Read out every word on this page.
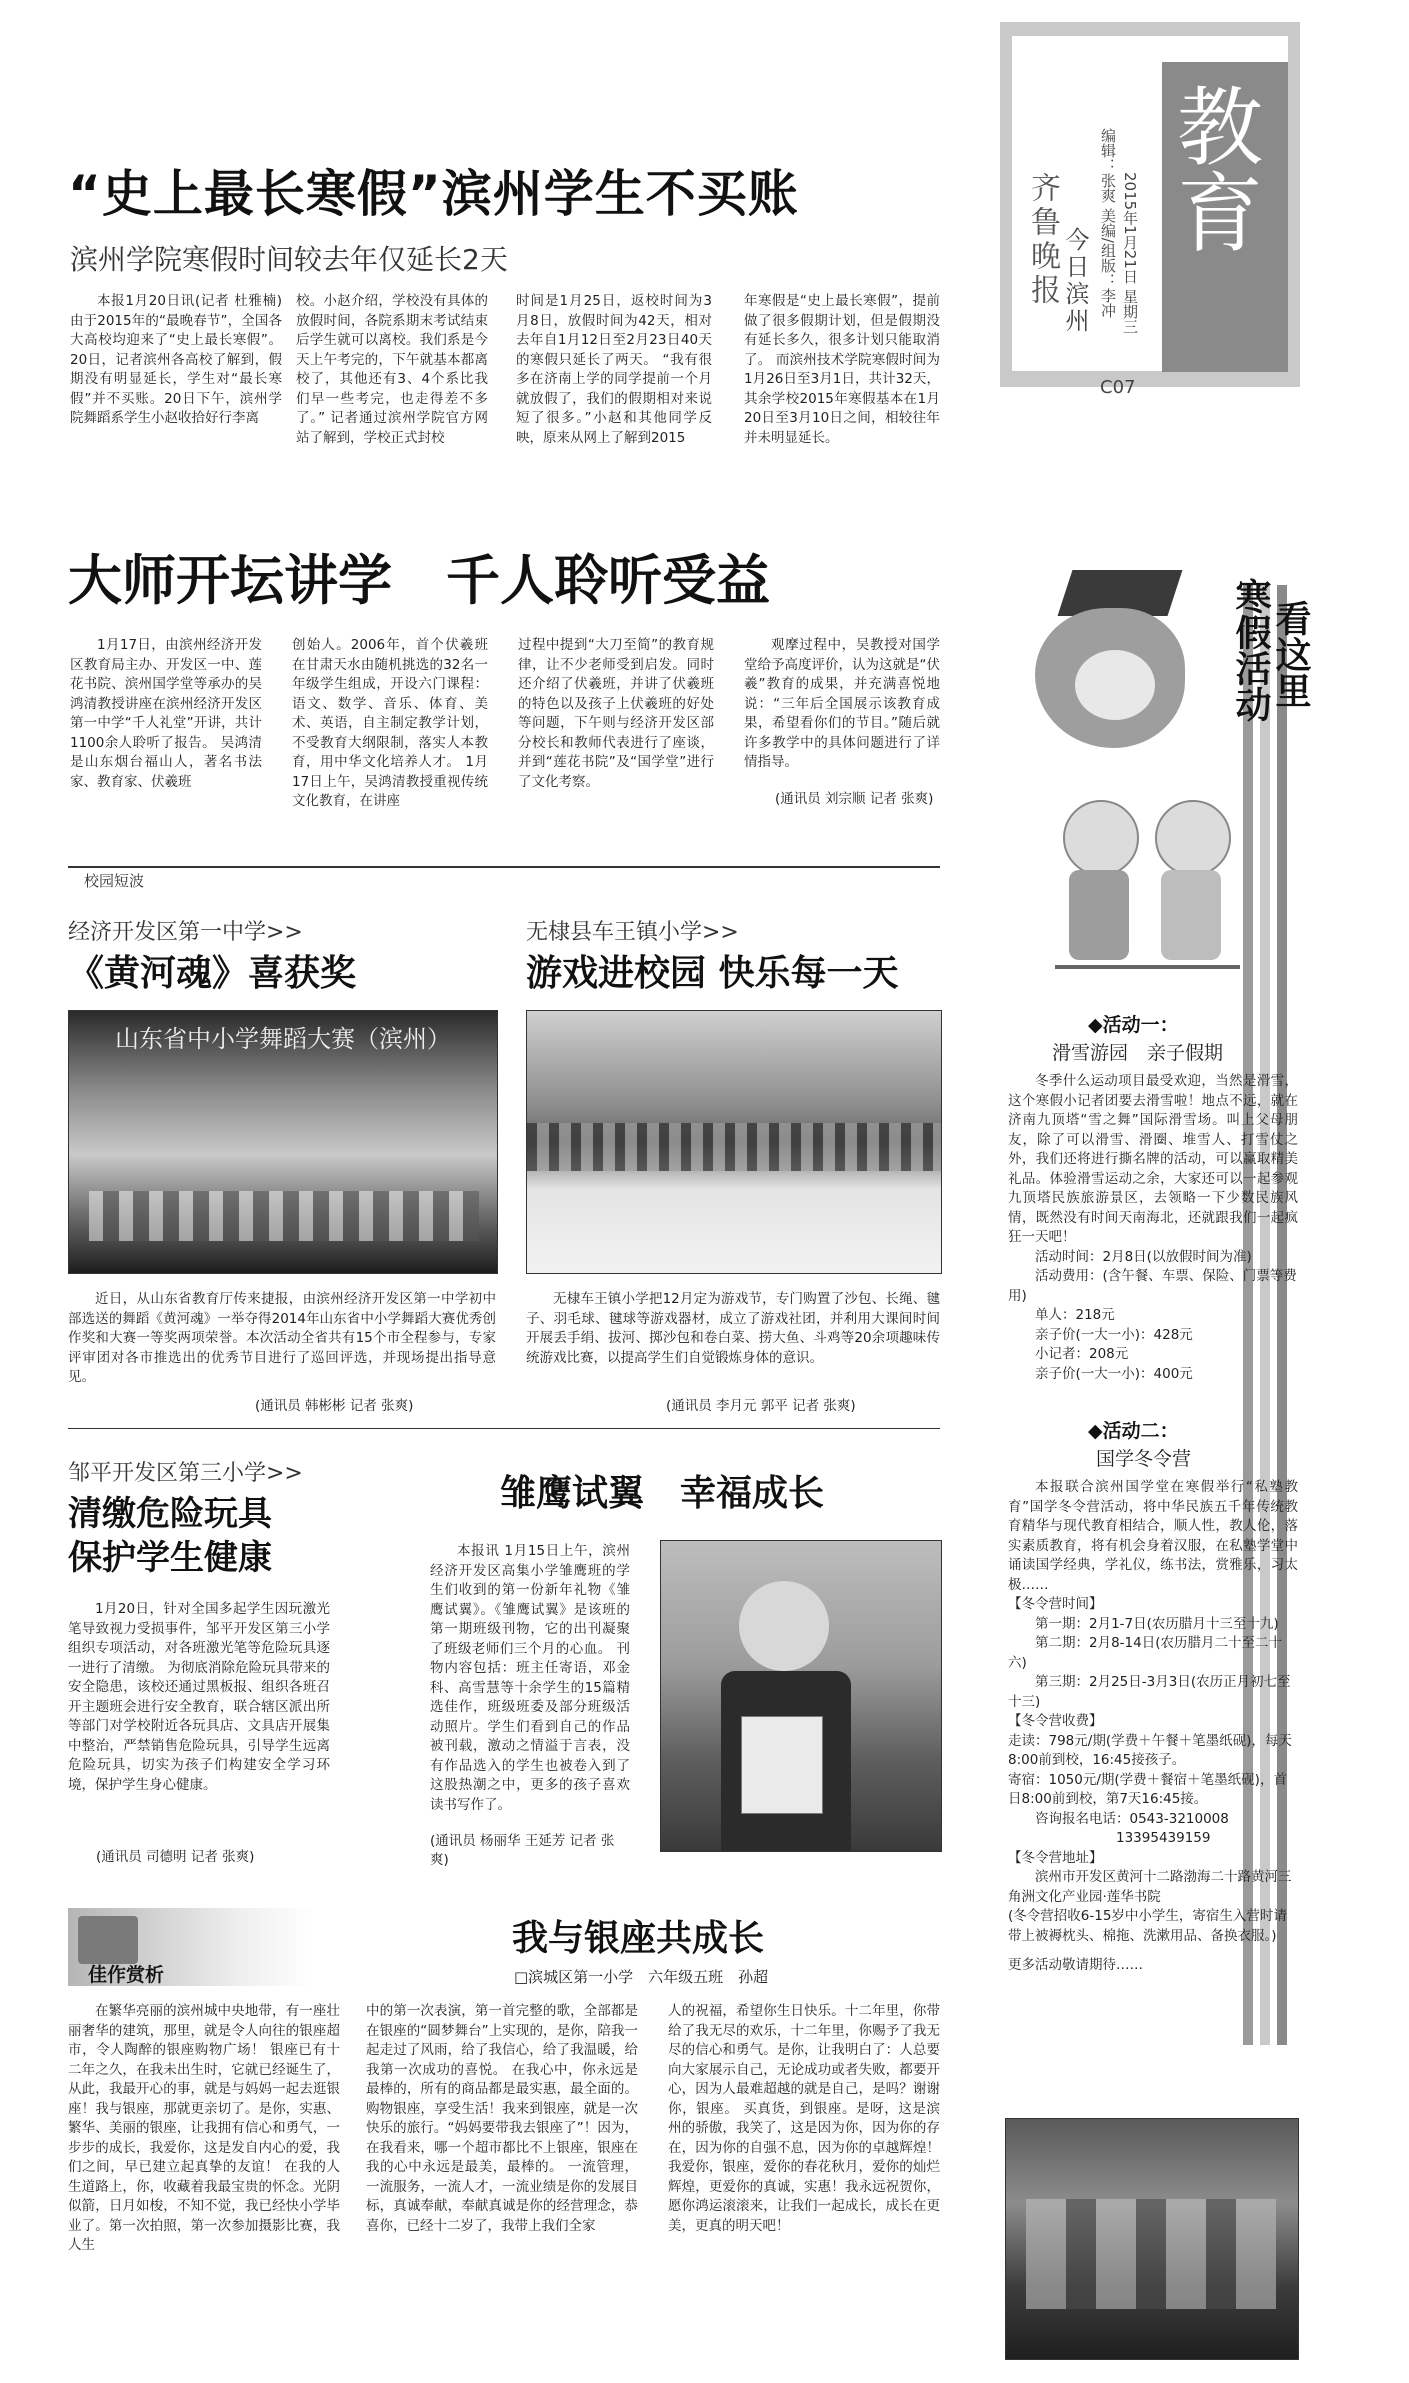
教育
齐鲁晚报 今日滨州 编辑：张爽 美编/组版：李冲 2015年1月21日 星期三
C07
“史上最长寒假”滨州学生不买账
滨州学院寒假时间较去年仅延长2天
本报1月20日讯(记者 杜雅楠) 由于2015年的“最晚春节”，全国各大高校均迎来了“史上最长寒假”。20日，记者滨州各高校了解到，假期没有明显延长，学生对“最长寒假”并不买账。20日下午，滨州学院舞蹈系学生小赵收拾好行李离
校。小赵介绍，学校没有具体的放假时间，各院系期末考试结束后学生就可以离校。我们系是今天上午考完的，下午就基本都离校了，其他还有3、4个系比我们早一些考完，也走得差不多了。” 记者通过滨州学院官方网站了解到，学校正式封校
时间是1月25日，返校时间为3月8日，放假时间为42天，相对去年自1月12日至2月23日40天的寒假只延长了两天。 “我有很多在济南上学的同学提前一个月就放假了，我们的假期相对来说短了很多。”小赵和其他同学反映，原来从网上了解到2015
年寒假是“史上最长寒假”，提前做了很多假期计划，但是假期没有延长多久，很多计划只能取消了。 而滨州技术学院寒假时间为1月26日至3月1日，共计32天，其余学校2015年寒假基本在1月20日至3月10日之间，相较往年并未明显延长。
大师开坛讲学　千人聆听受益
1月17日，由滨州经济开发区教育局主办、开发区一中、莲花书院、滨州国学堂等承办的吴鸿清教授讲座在滨州经济开发区第一中学“千人礼堂”开讲，共计1100余人聆听了报告。 吴鸿清是山东烟台福山人，著名书法家、教育家、伏羲班
创始人。2006年，首个伏羲班在甘肃天水由随机挑选的32名一年级学生组成，开设六门课程：语文、数学、音乐、体育、美术、英语，自主制定教学计划，不受教育大纲限制，落实人本教育，用中华文化培养人才。 1月17日上午，吴鸿清教授重视传统文化教育，在讲座
过程中提到“大刀至简”的教育规律，让不少老师受到启发。同时还介绍了伏羲班，并讲了伏羲班的特色以及孩子上伏羲班的好处等问题，下午则与经济开发区部分校长和教师代表进行了座谈，并到“莲花书院”及“国学堂”进行了文化考察。
观摩过程中，吴教授对国学堂给予高度评价，认为这就是“伏羲”教育的成果，并充满喜悦地说：“三年后全国展示该教育成果，希望看你们的节目。”随后就许多教学中的具体问题进行了详情指导。
(通讯员 刘宗顺 记者 张爽)
校园短波
经济开发区第一中学>>
《黄河魂》喜获奖
山东省中小学舞蹈大赛（滨州）
近日，从山东省教育厅传来捷报，由滨州经济开发区第一中学初中部选送的舞蹈《黄河魂》一举夺得2014年山东省中小学舞蹈大赛优秀创作奖和大赛一等奖两项荣誉。本次活动全省共有15个市全程参与，专家评审团对各市推选出的优秀节目进行了巡回评选，并现场提出指导意见。
(通讯员 韩彬彬 记者 张爽)
无棣县车王镇小学>>
游戏进校园 快乐每一天
无棣车王镇小学把12月定为游戏节，专门购置了沙包、长绳、毽子、羽毛球、毽球等游戏器材，成立了游戏社团，并利用大课间时间开展丢手绢、拔河、掷沙包和卷白菜、捞大鱼、斗鸡等20余项趣味传统游戏比赛，以提高学生们自觉锻炼身体的意识。
(通讯员 李月元 郭平 记者 张爽)
邹平开发区第三小学>>
清缴危险玩具
保护学生健康
1月20日，针对全国多起学生因玩激光笔导致视力受损事件，邹平开发区第三小学组织专项活动，对各班激光笔等危险玩具逐一进行了清缴。 为彻底消除危险玩具带来的安全隐患，该校还通过黑板报、组织各班召开主题班会进行安全教育，联合辖区派出所等部门对学校附近各玩具店、文具店开展集中整治，严禁销售危险玩具，引导学生远离危险玩具，切实为孩子们构建安全学习环境，保护学生身心健康。
(通讯员 司德明 记者 张爽)
雏鹰试翼　幸福成长
本报讯 1月15日上午，滨州经济开发区高集小学雏鹰班的学生们收到的第一份新年礼物《雏鹰试翼》。《雏鹰试翼》是该班的第一期班级刊物，它的出刊凝聚了班级老师们三个月的心血。 刊物内容包括：班主任寄语，邓金科、高雪慧等十余学生的15篇精选佳作，班级班委及部分班级活动照片。学生们看到自己的作品被刊载，激动之情溢于言表，没有作品选入的学生也被卷入到了这股热潮之中，更多的孩子喜欢读书写作了。
(通讯员 杨丽华 王延芳 记者 张爽)
佳作赏析
我与银座共成长
□滨城区第一小学　六年级五班　孙超
在繁华亮丽的滨州城中央地带，有一座壮丽奢华的建筑，那里，就是令人向往的银座超市，令人陶醉的银座购物广场！ 银座已有十二年之久，在我未出生时，它就已经诞生了，从此，我最开心的事，就是与妈妈一起去逛银座！我与银座，那就更亲切了。是你，实惠、繁华、美丽的银座，让我拥有信心和勇气，一步步的成长，我爱你，这是发自内心的爱，我们之间，早已建立起真挚的友谊！ 在我的人生道路上，你，收藏着我最宝贵的怀念。光阴似箭，日月如梭，不知不觉，我已经快小学毕业了。第一次拍照，第一次参加摄影比赛，我人生
中的第一次表演，第一首完整的歌，全部都是在银座的“圆梦舞台”上实现的，是你，陪我一起走过了风雨，给了我信心，给了我温暖，给我第一次成功的喜悦。 在我心中，你永远是最棒的，所有的商品都是最实惠，最全面的。购物银座，享受生活！我来到银座，就是一次快乐的旅行。“妈妈要带我去银座了”！因为，在我看来，哪一个超市都比不上银座，银座在我的心中永远是最美，最棒的。 一流管理，一流服务，一流人才，一流业绩是你的发展目标，真诚奉献，奉献真诚是你的经营理念，恭喜你，已经十二岁了，我带上我们全家
人的祝福，希望你生日快乐。十二年里，你带给了我无尽的欢乐，十二年里，你赐予了我无尽的信心和勇气。是你，让我明白了：人总要向大家展示自己，无论成功或者失败，都要开心，因为人最难超越的就是自己，是吗？谢谢你，银座。 买真货，到银座。是呀，这是滨州的骄傲，我笑了，这是因为你，因为你的存在，因为你的自强不息，因为你的卓越辉煌！ 我爱你，银座，爱你的春花秋月，爱你的灿烂辉煌，更爱你的真诚，实惠！我永远祝贺你，愿你鸿运滚滚来，让我们一起成长，成长在更美，更真的明天吧！
看这里
寒假活动
◆活动一：
滑雪游园　亲子假期

冬季什么运动项目最受欢迎，当然是滑雪，这个寒假小记者团要去滑雪啦！地点不远，就在济南九顶塔“雪之舞”国际滑雪场。叫上父母朋友，除了可以滑雪、滑圈、堆雪人、打雪仗之外，我们还将进行撕名牌的活动，可以赢取精美礼品。体验滑雪运动之余，大家还可以一起参观九顶塔民族旅游景区，去领略一下少数民族风情，既然没有时间天南海北，还就跟我们一起疯狂一天吧！

活动时间：2月8日(以放假时间为准)

活动费用：(含午餐、车票、保险、门票等费用)

单人：218元

亲子价(一大一小)：428元

小记者：208元

亲子价(一大一小)：400元

◆活动二：
国学冬令营

本报联合滨州国学堂在寒假举行“私塾教育”国学冬令营活动，将中华民族五千年传统教育精华与现代教育相结合，顺人性，教人伦，落实素质教育，将有机会身着汉服，在私塾学堂中诵读国学经典，学礼仪，练书法，赏雅乐，习太极……

【冬令营时间】

第一期：2月1-7日(农历腊月十三至十九)

第二期：2月8-14日(农历腊月二十至二十六)

第三期：2月25日-3月3日(农历正月初七至十三)

【冬令营收费】

走读：798元/期(学费＋午餐＋笔墨纸砚)，每天8:00前到校，16:45接孩子。

寄宿：1050元/期(学费＋餐宿＋笔墨纸砚)，首日8:00前到校，第7天16:45接。

咨询报名电话：0543-3210008

13395439159

【冬令营地址】

滨州市开发区黄河十二路渤海二十路黄河三角洲文化产业园·莲华书院

(冬令营招收6-15岁中小学生，寄宿生入营时请带上被褥枕头、棉拖、洗漱用品、备换衣服。)

更多活动敬请期待……
